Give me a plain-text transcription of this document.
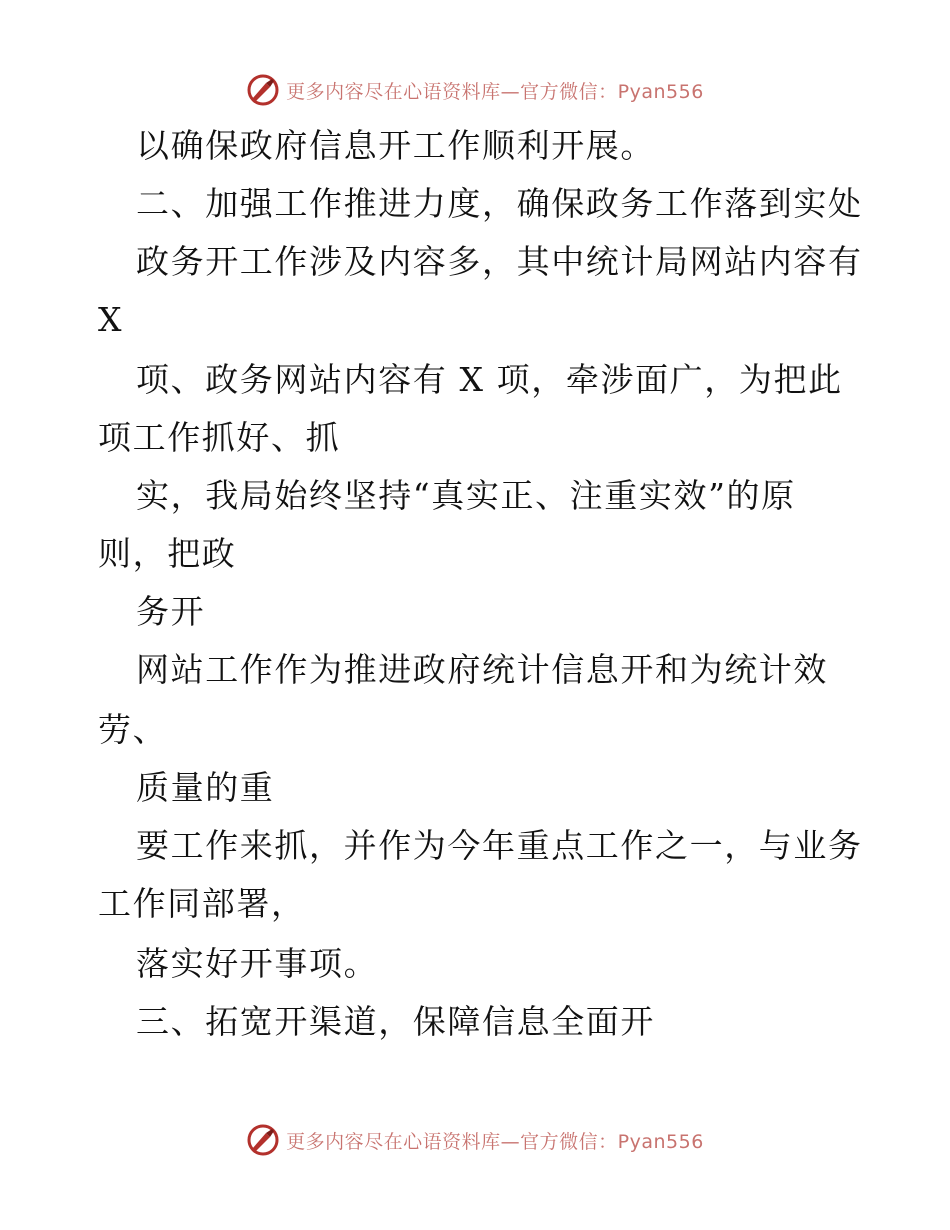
更多内容尽在心语资料库—官方微信：Pyan556
以确保政府信息开工作顺利开展。
二、加强工作推进力度，确保政务工作落到实处
政务开工作涉及内容多，其中统计局网站内容有
X
项、政务网站内容有 X 项，牵涉面广，为把此
项工作抓好、抓
实，我局始终坚持“真实正、注重实效”的原
则，把政
务开
网站工作作为推进政府统计信息开和为统计效
劳、
质量的重
要工作来抓，并作为今年重点工作之一，与业务
工作同部署，
落实好开事项。
三、拓宽开渠道，保障信息全面开
更多内容尽在心语资料库—官方微信：Pyan556
